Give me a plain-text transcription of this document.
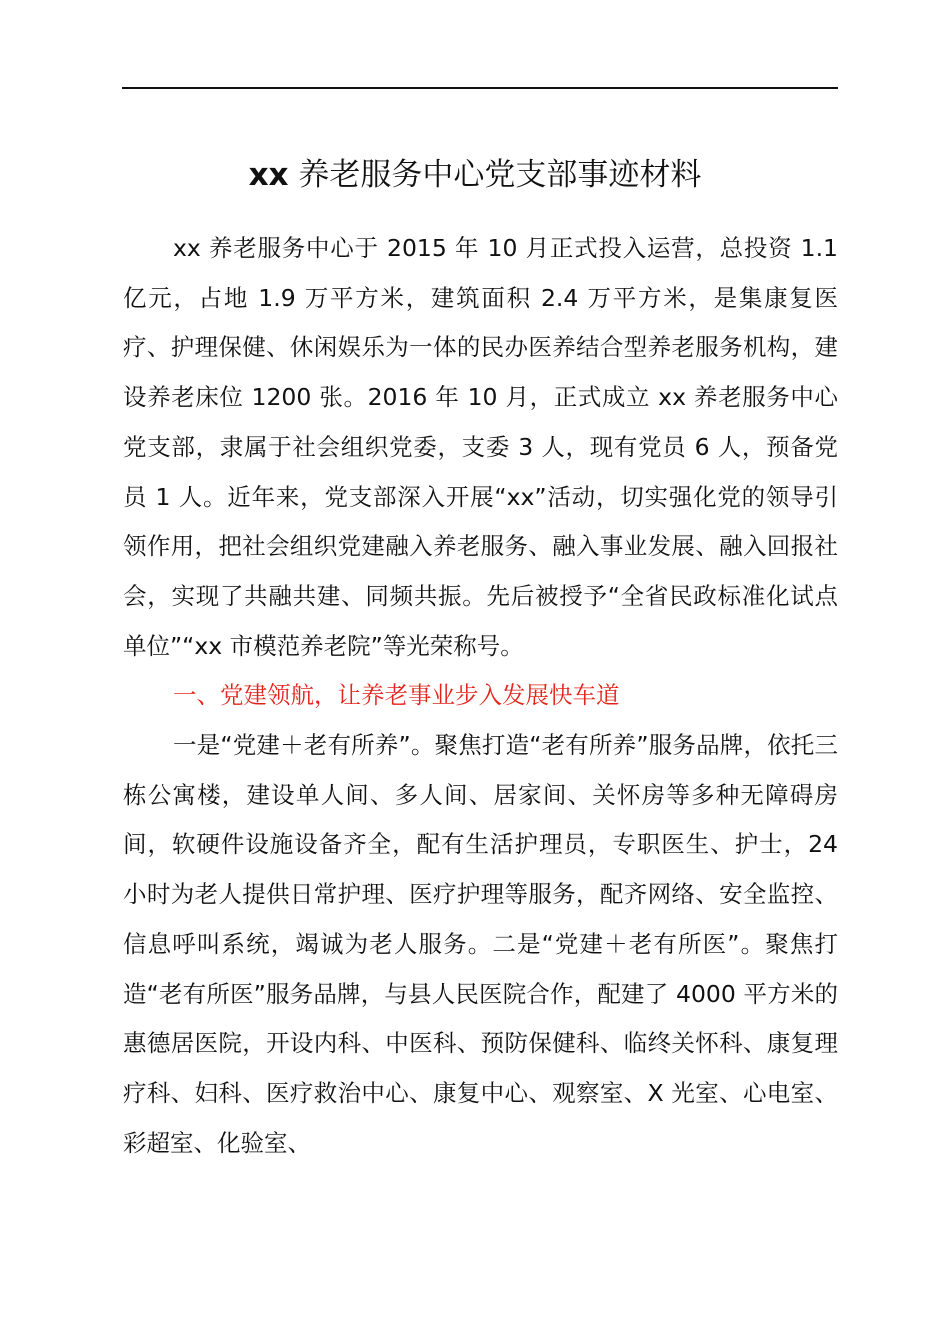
xx 养老服务中心党支部事迹材料

xx 养老服务中心于 2015 年 10 月正式投入运营，总投资 1.1 亿元，占地 1.9 万平方米，建筑面积 2.4 万平方米，是集康复医疗、护理保健、休闲娱乐为一体的民办医养结合型养老服务机构，建设养老床位 1200 张。2016 年 10 月，正式成立 xx 养老服务中心党支部，隶属于社会组织党委，支委 3 人，现有党员 6 人，预备党员 1 人。近年来，党支部深入开展“xx”活动，切实强化党的领导引领作用，把社会组织党建融入养老服务、融入事业发展、融入回报社会，实现了共融共建、同频共振。先后被授予“全省民政标准化试点单位”“xx 市模范养老院”等光荣称号。

一、党建领航，让养老事业步入发展快车道

一是“党建＋老有所养”。聚焦打造“老有所养”服务品牌，依托三栋公寓楼，建设单人间、多人间、居家间、关怀房等多种无障碍房间，软硬件设施设备齐全，配有生活护理员，专职医生、护士，24 小时为老人提供日常护理、医疗护理等服务，配齐网络、安全监控、信息呼叫系统，竭诚为老人服务。二是“党建＋老有所医”。聚焦打造“老有所医”服务品牌，与县人民医院合作，配建了 4000 平方米的惠德居医院，开设内科、中医科、预防保健科、临终关怀科、康复理疗科、妇科、医疗救治中心、康复中心、观察室、X 光室、心电室、彩超室、化验室、
